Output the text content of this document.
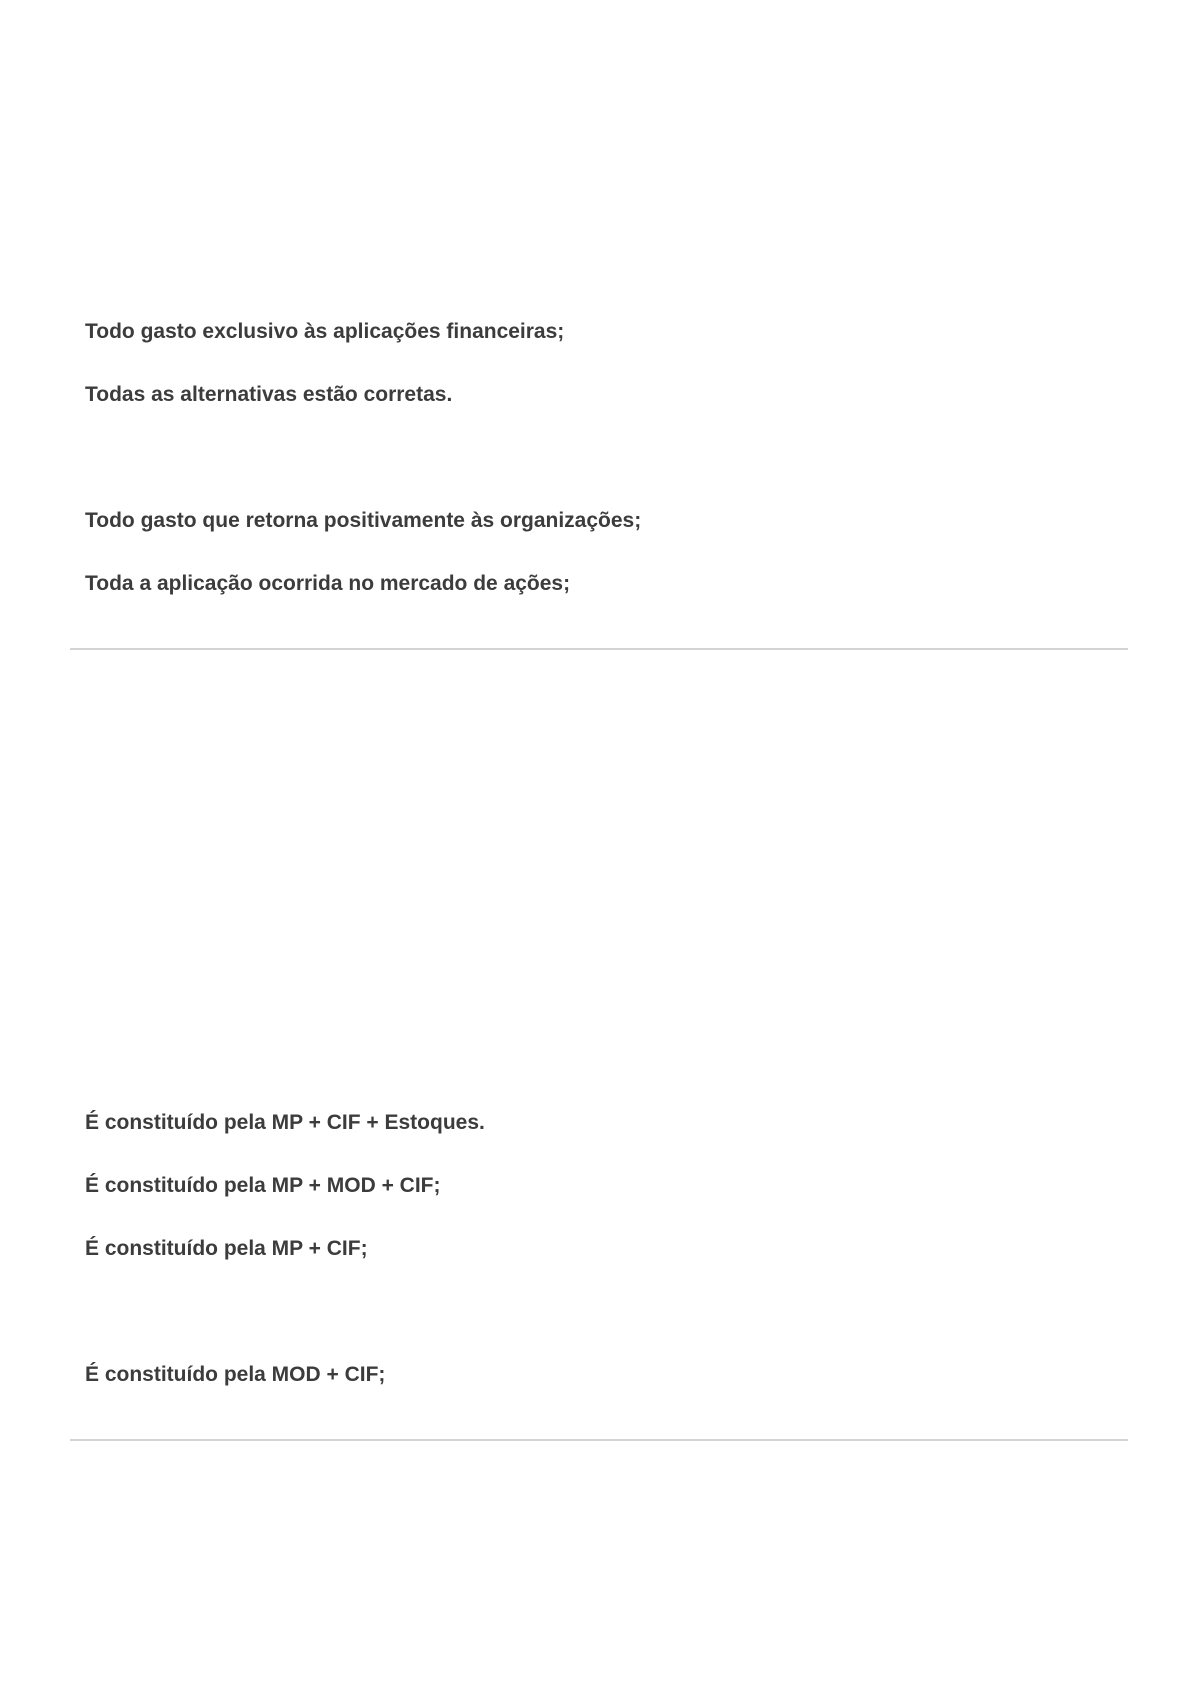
Todo gasto exclusivo às aplicações financeiras;

Todas as alternativas estão corretas.

Todo gasto que retorna positivamente às organizações;

Toda a aplicação ocorrida no mercado de ações;

É constituído pela MP + CIF + Estoques.

É constituído pela MP + MOD + CIF;

É constituído pela MP + CIF;

É constituído pela MOD + CIF;
